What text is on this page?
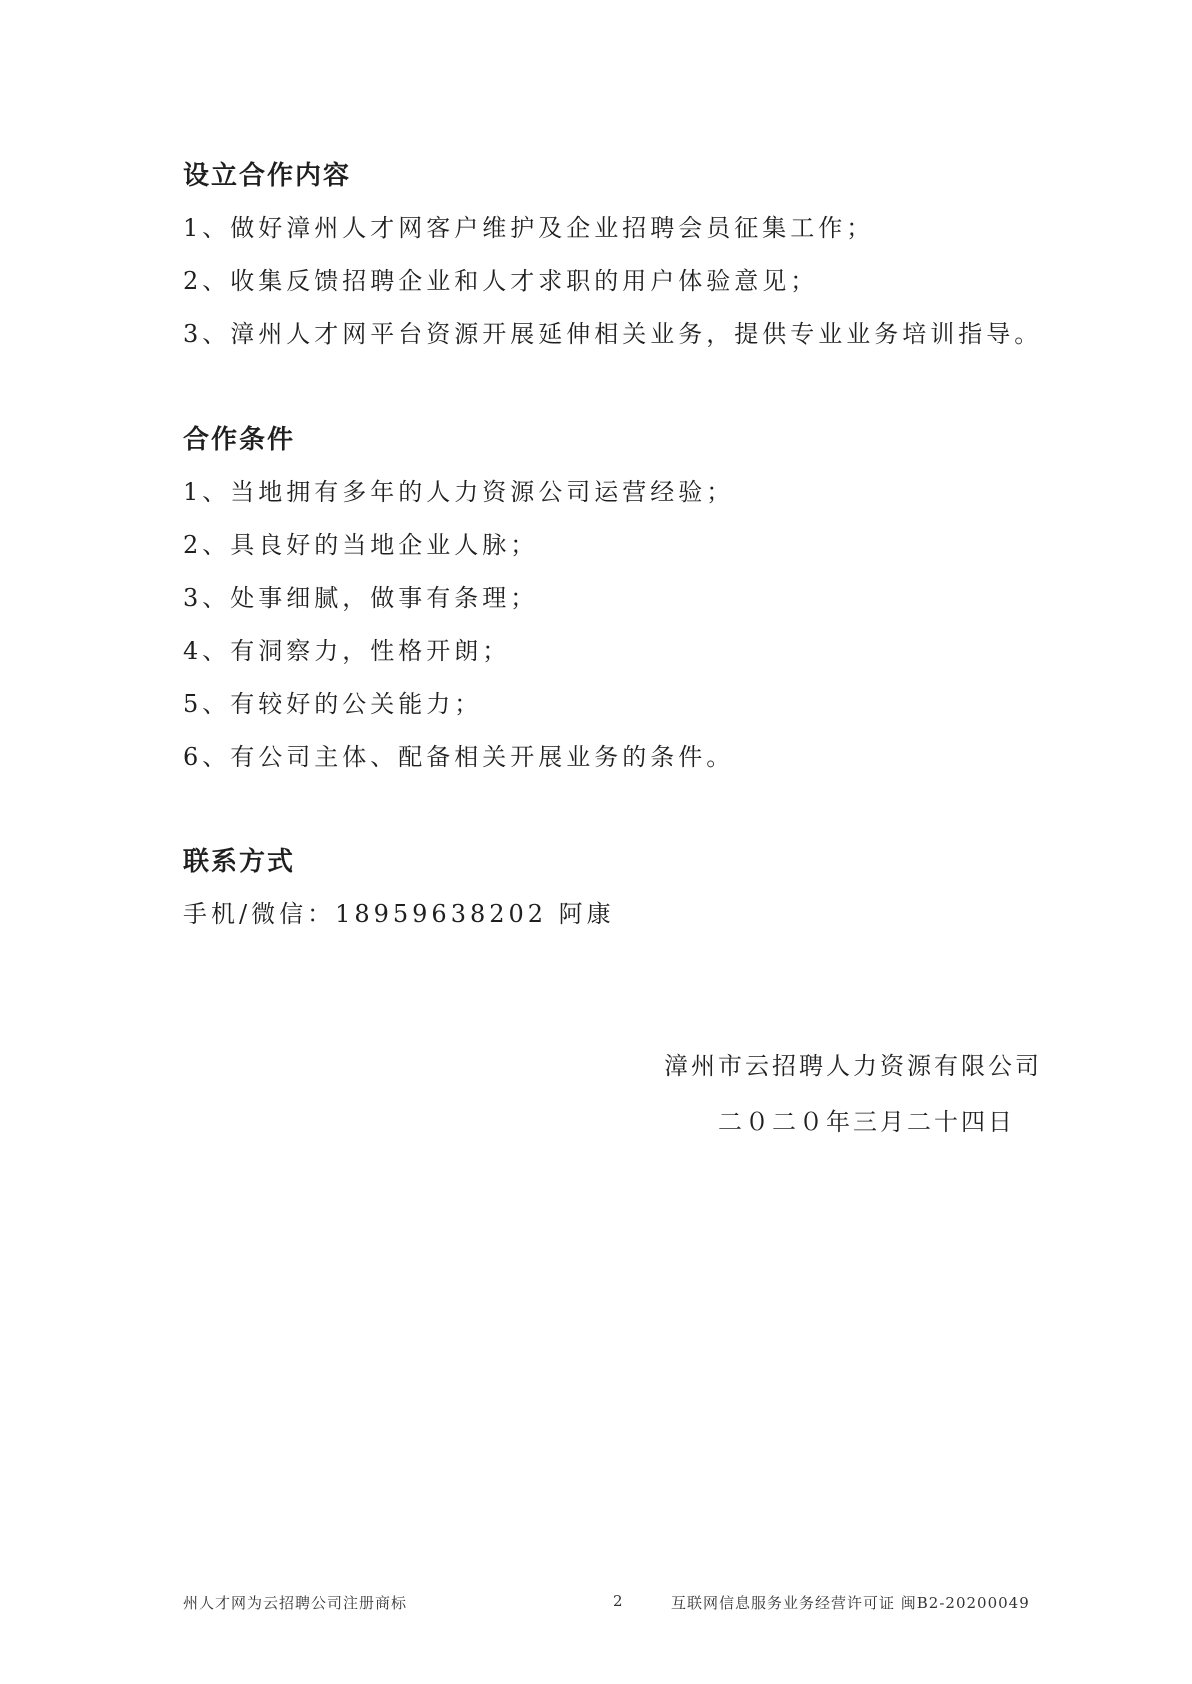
设立合作内容
1、做好漳州人才网客户维护及企业招聘会员征集工作；
2、收集反馈招聘企业和人才求职的用户体验意见；
3、漳州人才网平台资源开展延伸相关业务，提供专业业务培训指导。
合作条件
1、当地拥有多年的人力资源公司运营经验；
2、具良好的当地企业人脉；
3、处事细腻，做事有条理；
4、有洞察力，性格开朗；
5、有较好的公关能力；
6、有公司主体、配备相关开展业务的条件。
联系方式
手机/微信：18959638202 阿康
漳州市云招聘人力资源有限公司
二０二０年三月二十四日
州人才网为云招聘公司注册商标	2	互联网信息服务业务经营许可证 闽B2-20200049
